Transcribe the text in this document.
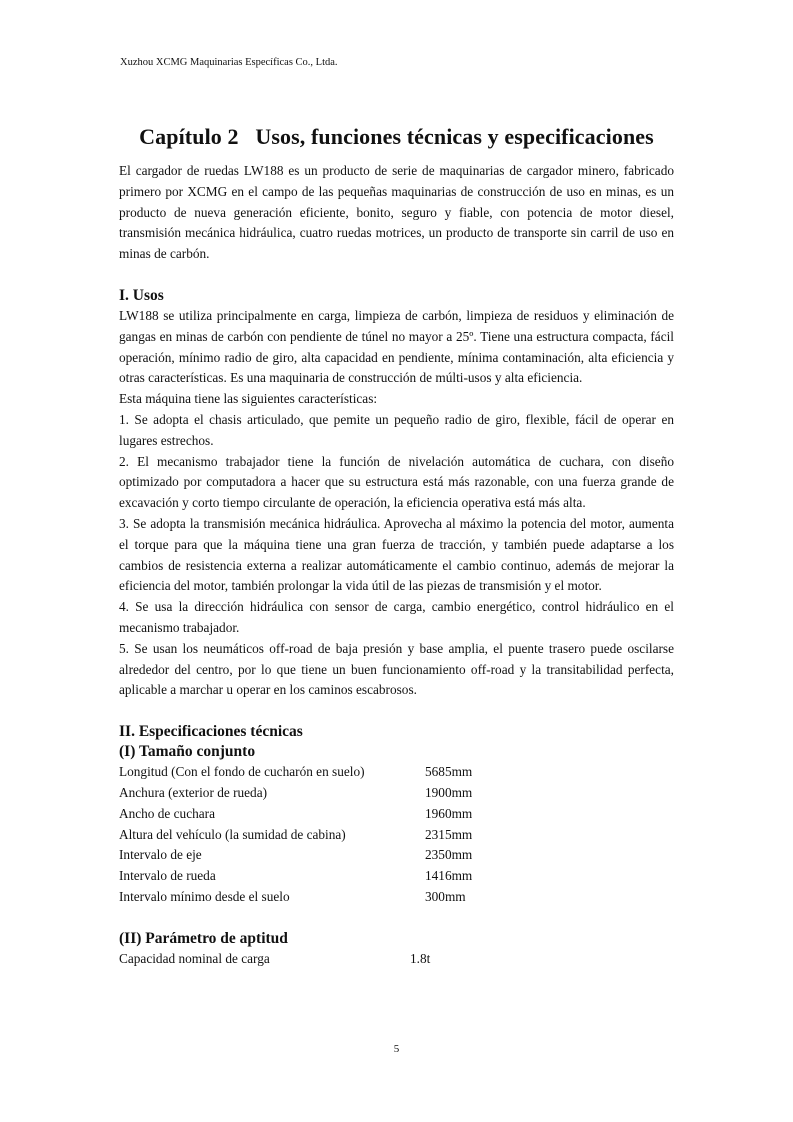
Xuzhou XCMG Maquinarias Específicas Co., Ltda.
Capítulo 2   Usos, funciones técnicas y especificaciones

El cargador de ruedas LW188 es un producto de serie de maquinarias de cargador minero, fabricado primero por XCMG en el campo de las pequeñas maquinarias de construcción de uso en minas, es un producto de nueva generación eficiente, bonito, seguro y fiable, con potencia de motor diesel, transmisión mecánica hidráulica, cuatro ruedas motrices, un producto de transporte sin carril de uso en minas de carbón.

I. Usos

LW188 se utiliza principalmente en carga, limpieza de carbón, limpieza de residuos y eliminación de gangas en minas de carbón con pendiente de túnel no mayor a 25º. Tiene una estructura compacta, fácil operación, mínimo radio de giro, alta capacidad en pendiente, mínima contaminación, alta eficiencia y otras características. Es una maquinaria de construcción de múlti-usos y alta eficiencia.

Esta máquina tiene las siguientes características:

1. Se adopta el chasis articulado, que pemite un pequeño radio de giro, flexible, fácil de operar en lugares estrechos.

2. El mecanismo trabajador tiene la función de nivelación automática de cuchara, con diseño optimizado por computadora a hacer que su estructura está más razonable, con una fuerza grande de excavación y corto tiempo circulante de operación, la eficiencia operativa está más alta.

3. Se adopta la transmisión mecánica hidráulica. Aprovecha al máximo la potencia del motor, aumenta el torque para que la máquina tiene una gran fuerza de tracción, y también puede adaptarse a los cambios de resistencia externa a realizar automáticamente el cambio continuo, además de mejorar la eficiencia del motor, también prolongar la vida útil de las piezas de transmisión y el motor.

4. Se usa la dirección hidráulica con sensor de carga, cambio energético, control hidráulico en el mecanismo trabajador.

5. Se usan los neumáticos off-road de baja presión y base amplia, el puente trasero puede oscilarse alrededor del centro, por lo que tiene un buen funcionamiento off-road y la transitabilidad perfecta, aplicable a marchar u operar en los caminos escabrosos.

II. Especificaciones técnicas
(I) Tamaño conjunto
Longitud (Con el fondo de cucharón en suelo)	5685mm
Anchura (exterior de rueda)	1900mm
Ancho de cuchara	1960mm
Altura del vehículo (la sumidad de cabina)	2315mm
Intervalo de eje	2350mm
Intervalo de rueda	1416mm
Intervalo mínimo desde el suelo	300mm
(II) Parámetro de aptitud
Capacidad nominal de carga	1.8t
5
